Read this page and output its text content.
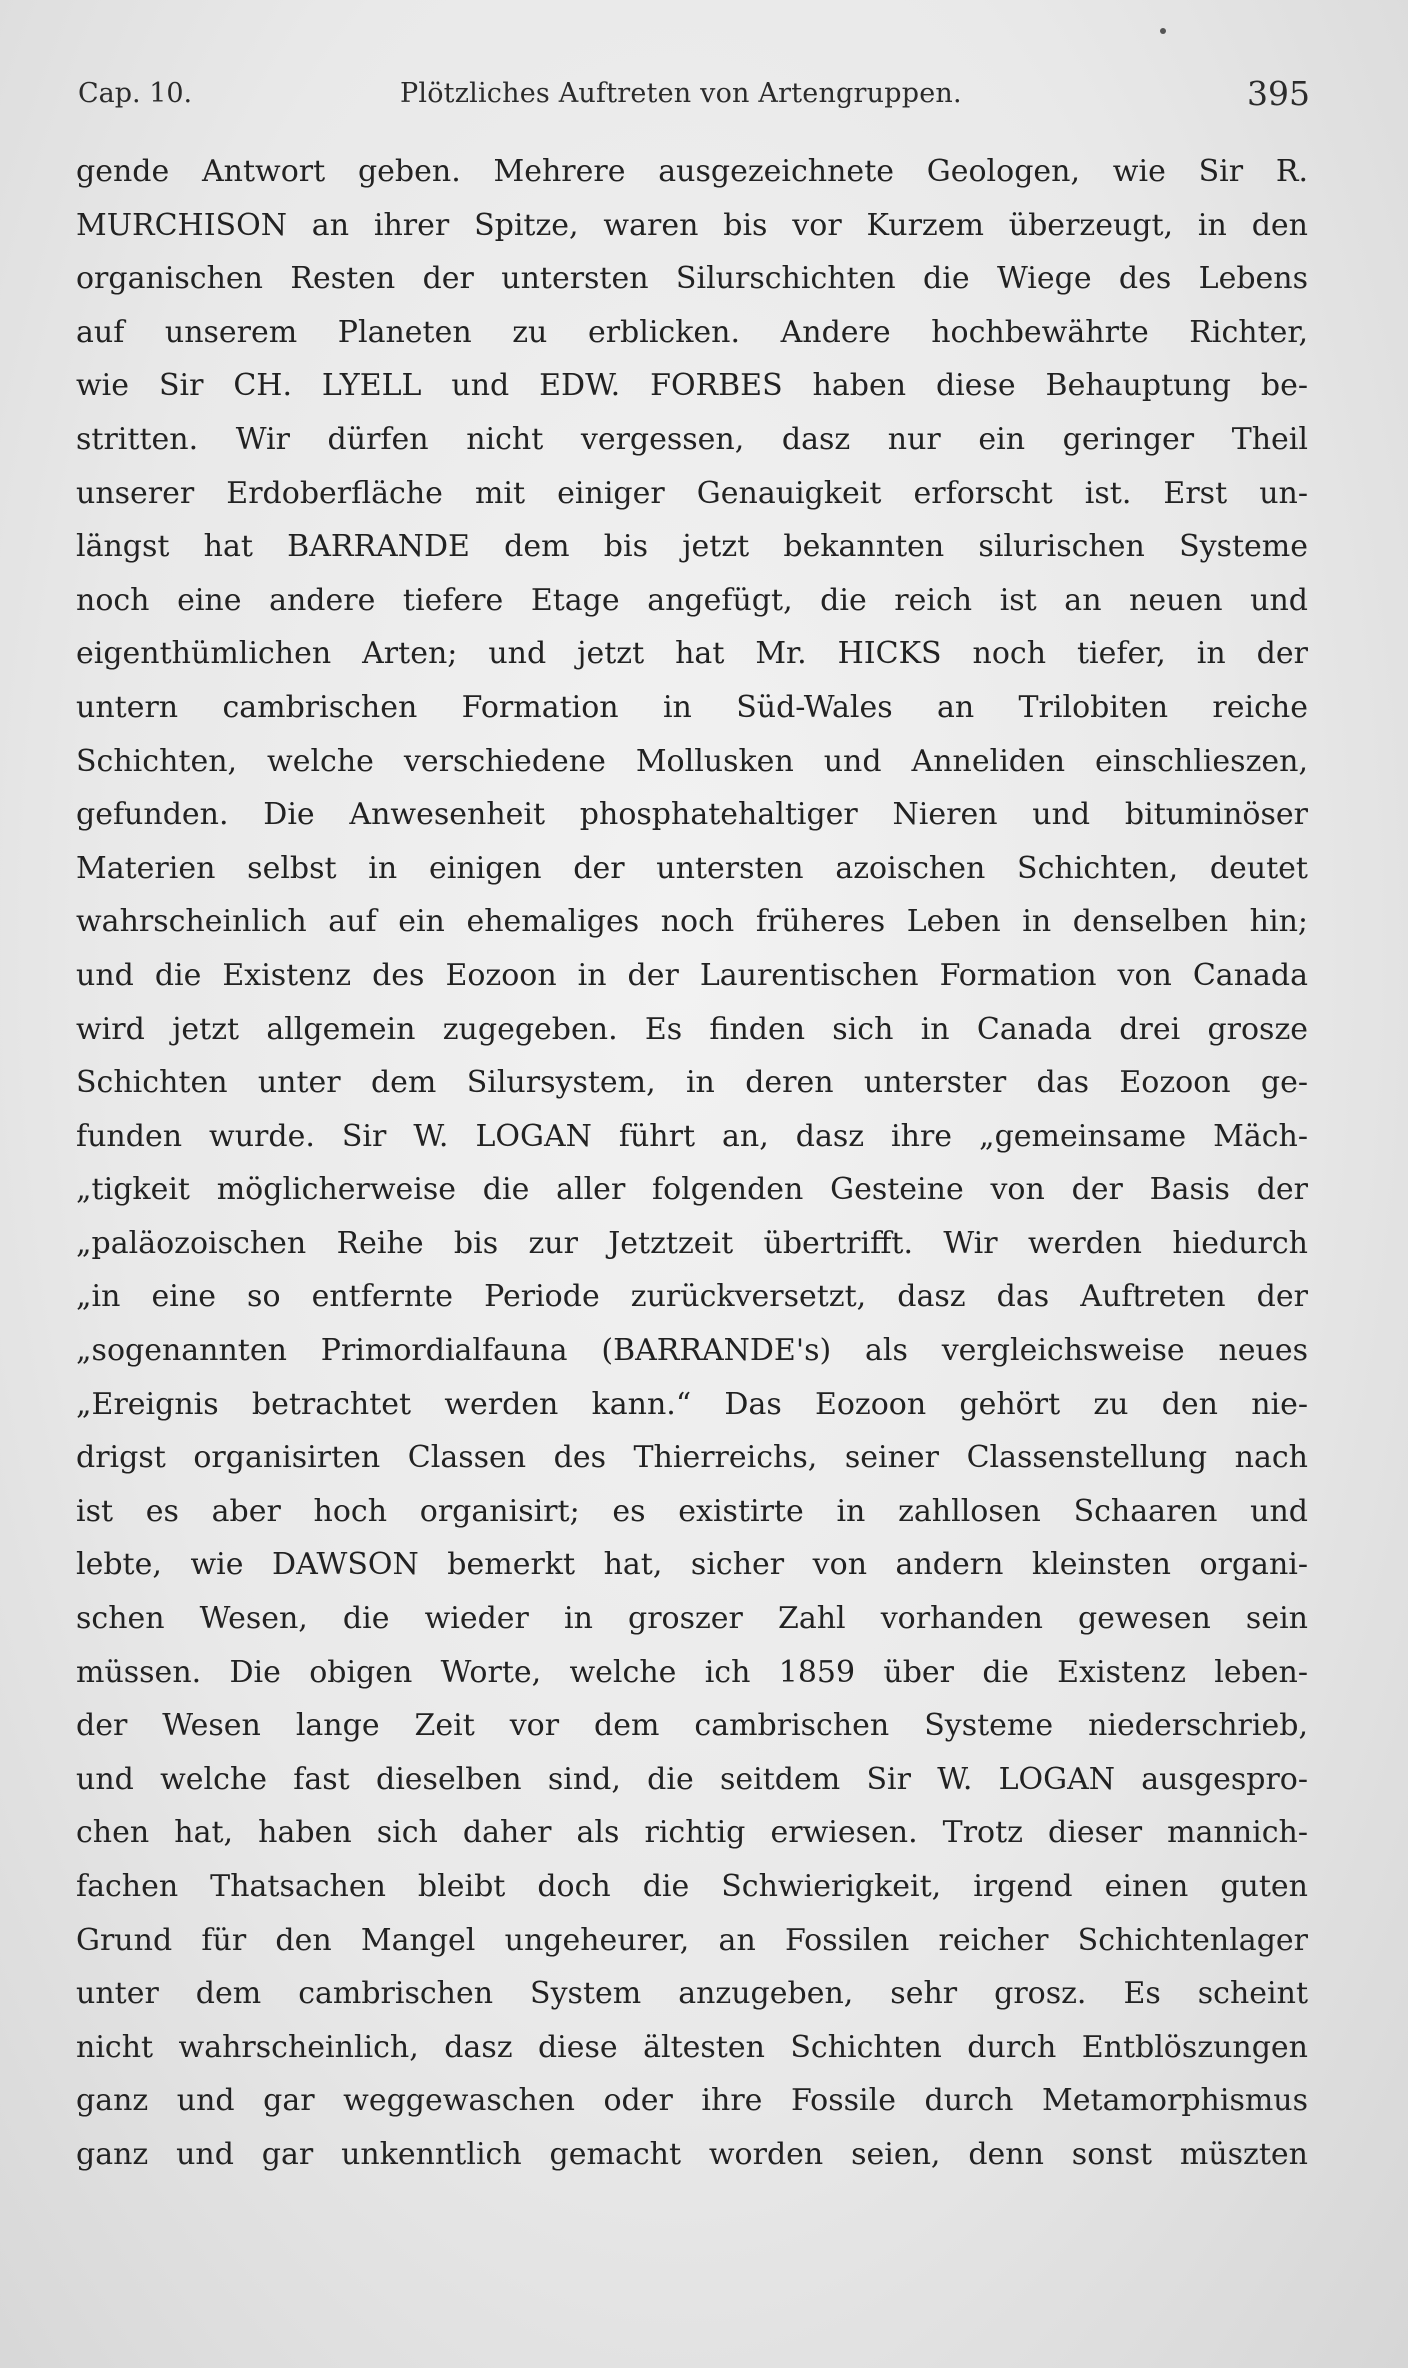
Cap. 10.	Plötzliches Auftreten von Artengruppen.	395
gende Antwort geben. Mehrere ausgezeichnete Geologen, wie Sir R.
MURCHISON an ihrer Spitze, waren bis vor Kurzem überzeugt, in den
organischen Resten der untersten Silurschichten die Wiege des Lebens
auf unserem Planeten zu erblicken. Andere hochbewährte Richter,
wie Sir CH. LYELL und EDW. FORBES haben diese Behauptung be-
stritten. Wir dürfen nicht vergessen, dasz nur ein geringer Theil
unserer Erdoberfläche mit einiger Genauigkeit erforscht ist. Erst un-
längst hat BARRANDE dem bis jetzt bekannten silurischen Systeme
noch eine andere tiefere Etage angefügt, die reich ist an neuen und
eigenthümlichen Arten; und jetzt hat Mr. HICKS noch tiefer, in der
untern cambrischen Formation in Süd-Wales an Trilobiten reiche
Schichten, welche verschiedene Mollusken und Anneliden einschlieszen,
gefunden. Die Anwesenheit phosphatehaltiger Nieren und bituminöser
Materien selbst in einigen der untersten azoischen Schichten, deutet
wahrscheinlich auf ein ehemaliges noch früheres Leben in denselben hin;
und die Existenz des Eozoon in der Laurentischen Formation von Canada
wird jetzt allgemein zugegeben. Es finden sich in Canada drei grosze
Schichten unter dem Silursystem, in deren unterster das Eozoon ge-
funden wurde. Sir W. LOGAN führt an, dasz ihre „gemeinsame Mäch-
„tigkeit möglicherweise die aller folgenden Gesteine von der Basis der
„paläozoischen Reihe bis zur Jetztzeit übertrifft. Wir werden hiedurch
„in eine so entfernte Periode zurückversetzt, dasz das Auftreten der
„sogenannten Primordialfauna (BARRANDE's) als vergleichsweise neues
„Ereignis betrachtet werden kann.“ Das Eozoon gehört zu den nie-
drigst organisirten Classen des Thierreichs, seiner Classenstellung nach
ist es aber hoch organisirt; es existirte in zahllosen Schaaren und
lebte, wie DAWSON bemerkt hat, sicher von andern kleinsten organi-
schen Wesen, die wieder in groszer Zahl vorhanden gewesen sein
müssen. Die obigen Worte, welche ich 1859 über die Existenz leben-
der Wesen lange Zeit vor dem cambrischen Systeme niederschrieb,
und welche fast dieselben sind, die seitdem Sir W. LOGAN ausgespro-
chen hat, haben sich daher als richtig erwiesen. Trotz dieser mannich-
fachen Thatsachen bleibt doch die Schwierigkeit, irgend einen guten
Grund für den Mangel ungeheurer, an Fossilen reicher Schichtenlager
unter dem cambrischen System anzugeben, sehr grosz. Es scheint
nicht wahrscheinlich, dasz diese ältesten Schichten durch Entblöszungen
ganz und gar weggewaschen oder ihre Fossile durch Metamorphismus
ganz und gar unkenntlich gemacht worden seien, denn sonst müszten
